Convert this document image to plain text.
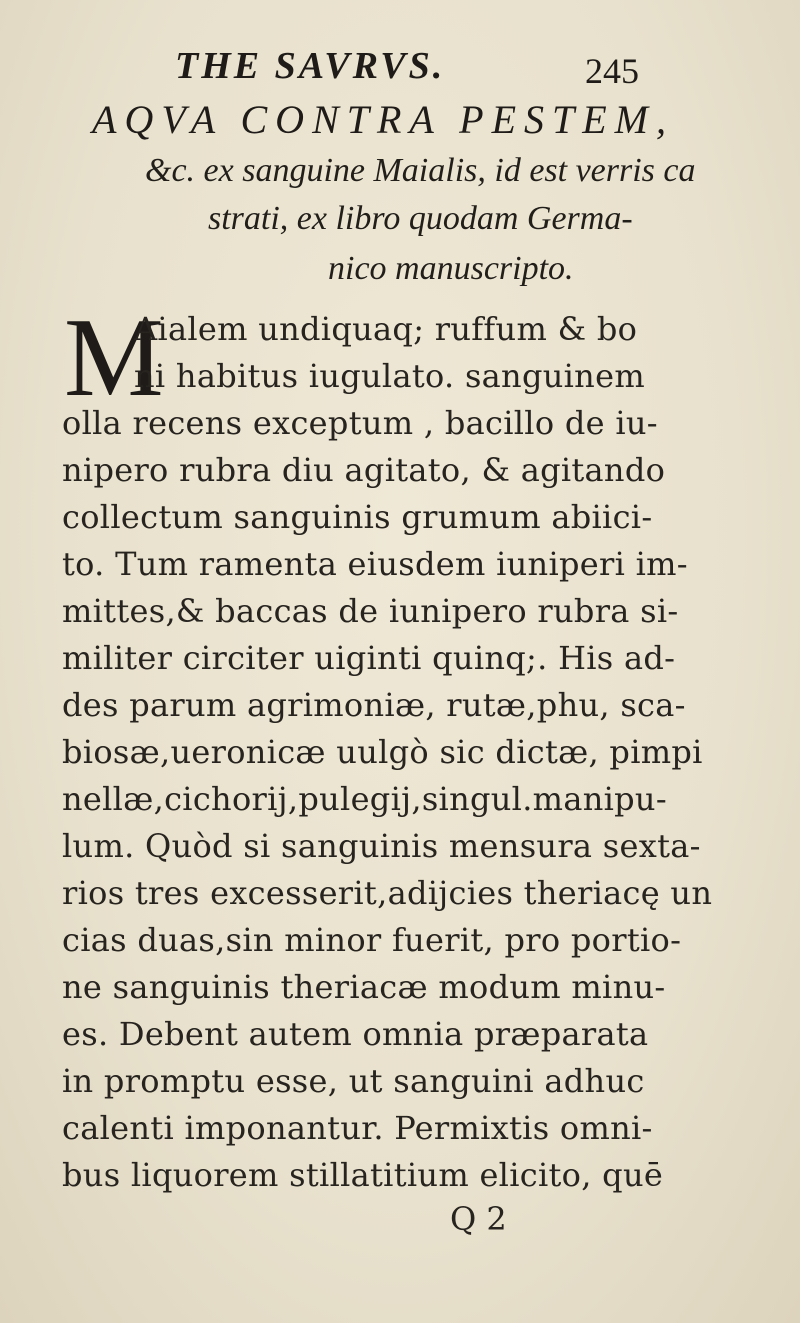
THE SAVRVS.	245
AQVA CONTRA PESTEM,
&c. ex sanguine Maialis, id est verris ca
strati, ex libro quodam Germa-
nico manuscripto.
M
Aialem undiquaq; ruffum & bo
ni habitus iugulato. sanguinem
olla recens exceptum , bacillo de iu-
nipero rubra diu agitato, & agitando
collectum sanguinis grumum abiici-
to. Tum ramenta eiusdem iuniperi im-
mittes,& baccas de iunipero rubra si-
militer circiter uiginti quinq;. His ad-
des parum agrimoniæ, rutæ,phu, sca-
biosæ,ueronicæ uulgò sic dictæ, pimpi
nellæ,cichorij,pulegij,singul.manipu-
lum. Quòd si sanguinis mensura sexta-
rios tres excesserit,adijcies theriacę un
cias duas,sin minor fuerit, pro portio-
ne sanguinis theriacæ modum minu-
es. Debent autem omnia præparata
in promptu esse, ut sanguini adhuc
calenti imponantur. Permixtis omni-
bus liquorem stillatitium elicito, quē
Q 2
